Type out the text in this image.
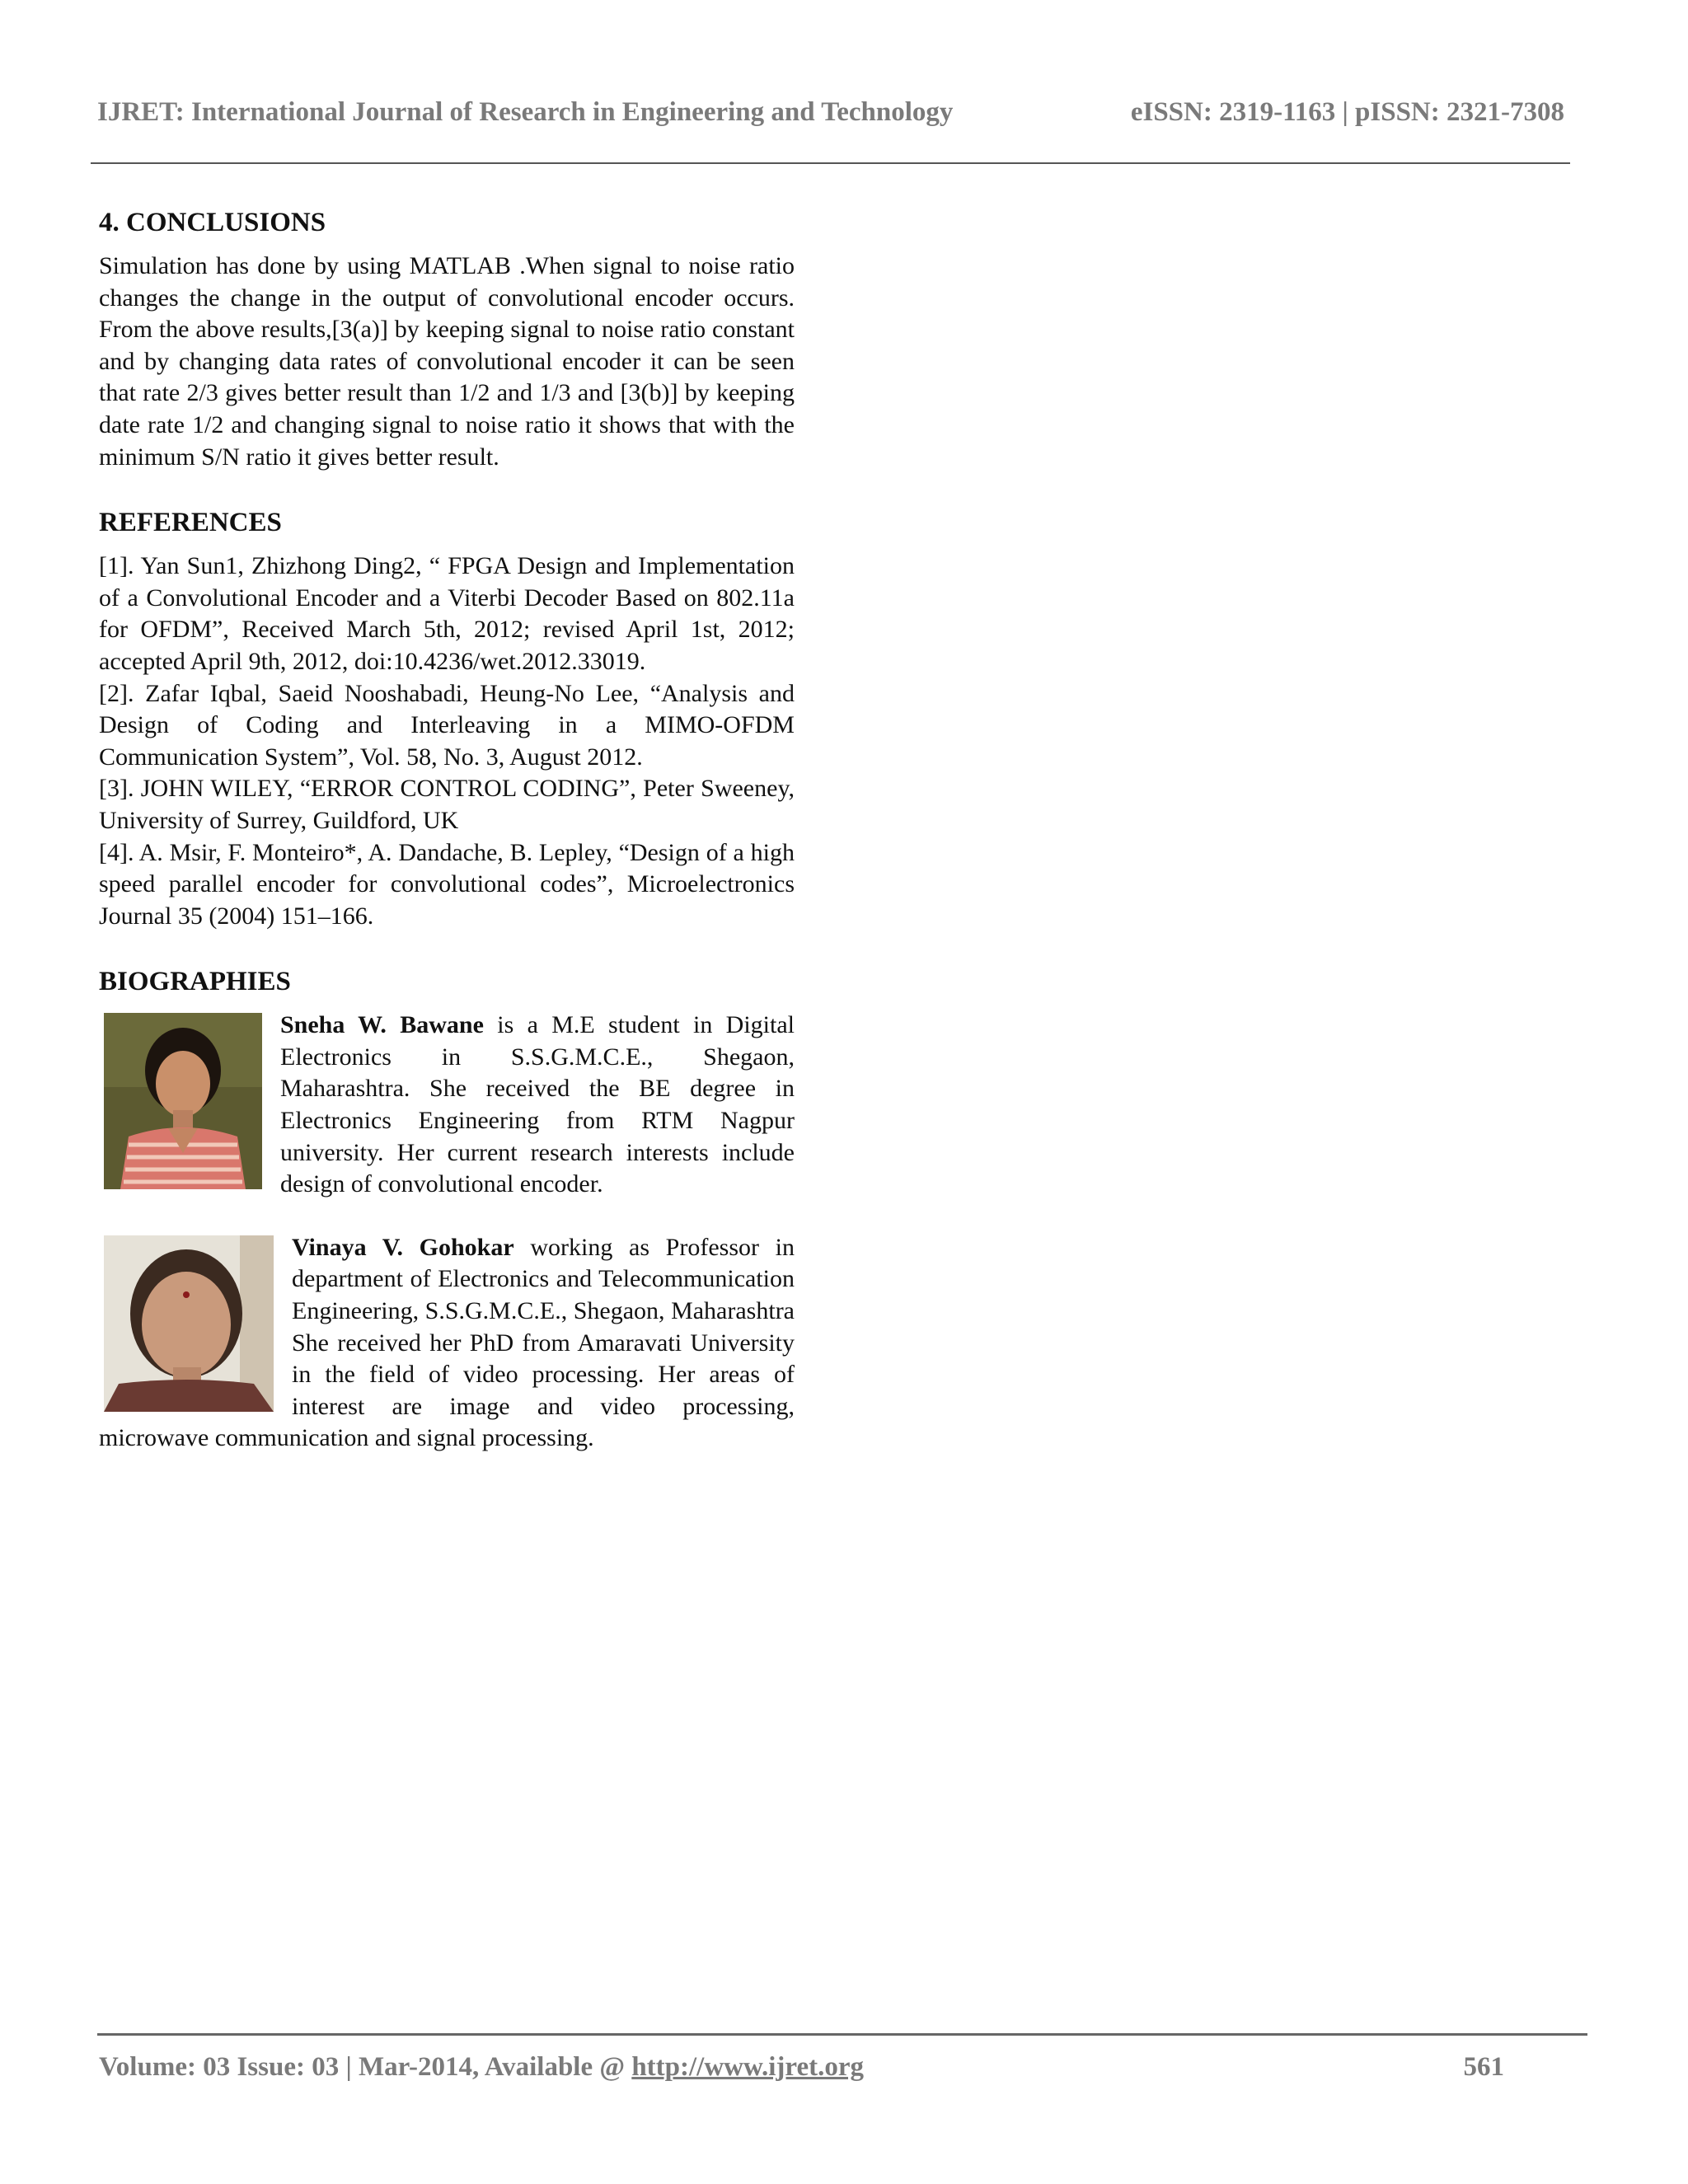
IJRET: International Journal of Research in Engineering and Technology	eISSN: 2319-1163 | pISSN: 2321-7308
4. CONCLUSIONS

Simulation has done by using MATLAB .When signal to noise ratio changes the change in the output of convolutional encoder occurs. From the above results,[3(a)] by keeping signal to noise ratio constant and by changing data rates of convolutional encoder it can be seen that rate 2/3 gives better result than 1/2 and 1/3 and [3(b)] by keeping date rate 1/2 and changing signal to noise ratio it shows that with the minimum S/N ratio it gives better result.

REFERENCES

[1]. Yan Sun1, Zhizhong Ding2, “ FPGA Design and Implementation of a Convolutional Encoder and a Viterbi Decoder Based on 802.11a for OFDM”, Received March 5th, 2012; revised April 1st, 2012; accepted April 9th, 2012, doi:10.4236/wet.2012.33019.

[2]. Zafar Iqbal, Saeid Nooshabadi, Heung-No Lee, “Analysis and Design of Coding and Interleaving in a MIMO-OFDM Communication System”, Vol. 58, No. 3, August 2012.

[3]. JOHN WILEY, “ERROR CONTROL CODING”, Peter Sweeney, University of Surrey, Guildford, UK

[4]. A. Msir, F. Monteiro*, A. Dandache, B. Lepley, “Design of a high speed parallel encoder for convolutional codes”, Microelectronics Journal 35 (2004) 151–166.

BIOGRAPHIES

Sneha W. Bawane is a M.E student in Digital Electronics in S.S.G.M.C.E., Shegaon, Maharashtra. She received the BE degree in Electronics Engineering from RTM Nagpur university. Her current research interests include design of convolutional encoder.

Vinaya V. Gohokar working as Professor in department of Electronics and Telecommunication Engineering, S.S.G.M.C.E., Shegaon, Maharashtra She received her PhD from Amaravati University in the field of video processing. Her areas of interest are image and video processing, microwave communication and signal processing.

Volume: 03 Issue: 03 | Mar-2014, Available @ http://www.ijret.org	561
